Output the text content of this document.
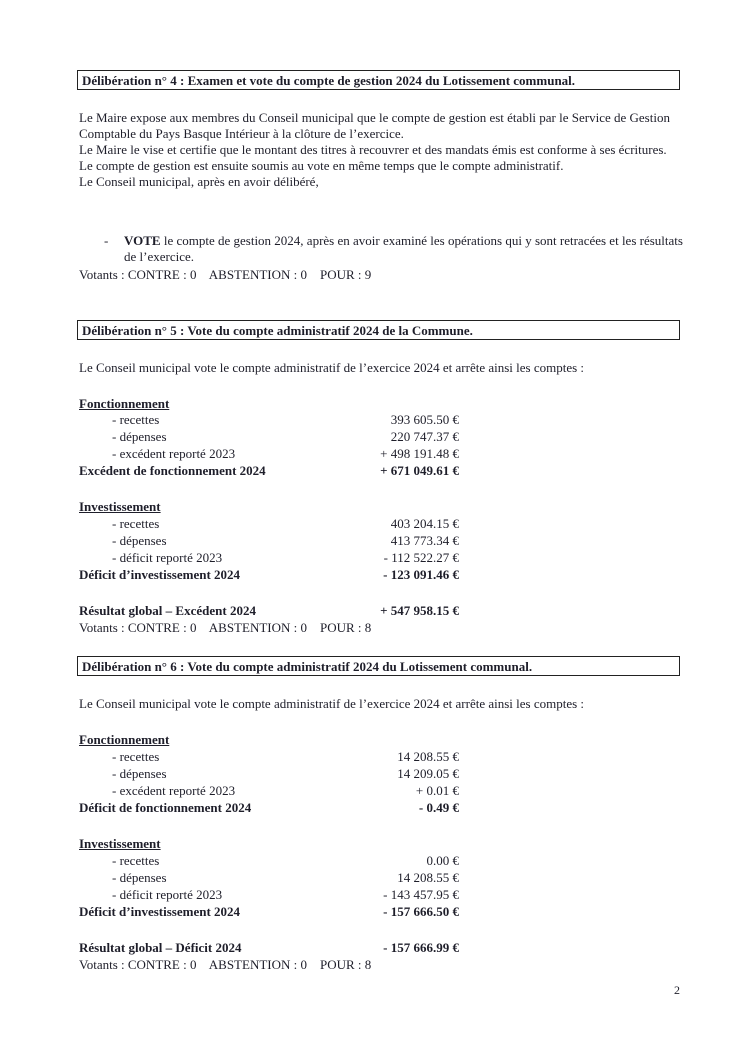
Délibération n° 4 : Examen et vote du compte de gestion 2024 du Lotissement communal.

Le Maire expose aux membres du Conseil municipal que le compte de gestion est établi par le Service de Gestion Comptable du Pays Basque Intérieur à la clôture de l’exercice.

Le Maire le vise et certifie que le montant des titres à recouvrer et des mandats émis est conforme à ses écritures.

Le compte de gestion est ensuite soumis au vote en même temps que le compte administratif.

Le Conseil municipal, après en avoir délibéré,

- VOTE le compte de gestion 2024, après en avoir examiné les opérations qui y sont retracées et les résultats de l’exercice.
Votants : CONTRE : 0    ABSTENTION : 0    POUR : 9
Délibération n° 5 : Vote du compte administratif 2024 de la Commune.
Le Conseil municipal vote le compte administratif de l’exercice 2024 et arrête ainsi les comptes :
Fonctionnement
- recettes	393 605.50 €
- dépenses	220 747.37 €
- excédent reporté 2023	+ 498 191.48 €
Excédent de fonctionnement 2024	+ 671 049.61 €
Investissement
- recettes	403 204.15 €
- dépenses	413 773.34 €
- déficit reporté 2023	- 112 522.27 €
Déficit d’investissement 2024	- 123 091.46 €
Résultat global – Excédent 2024	+ 547 958.15 €
Votants : CONTRE : 0    ABSTENTION : 0    POUR : 8
Délibération n° 6 : Vote du compte administratif 2024 du Lotissement communal.
Le Conseil municipal vote le compte administratif de l’exercice 2024 et arrête ainsi les comptes :
Fonctionnement
- recettes	14 208.55 €
- dépenses	14 209.05 €
- excédent reporté 2023	+ 0.01 €
Déficit de fonctionnement 2024	- 0.49 €
Investissement
- recettes	0.00 €
- dépenses	14 208.55 €
- déficit reporté 2023	- 143 457.95 €
Déficit d’investissement 2024	- 157 666.50 €
Résultat global – Déficit 2024	- 157 666.99 €
Votants : CONTRE : 0    ABSTENTION : 0    POUR : 8
2
